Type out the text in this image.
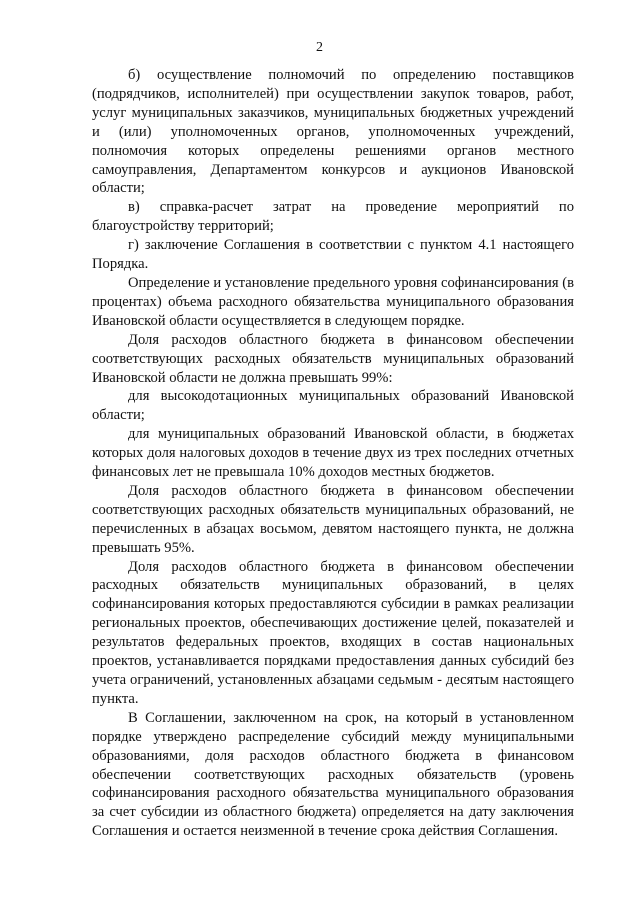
2

б) осуществление полномочий по определению поставщиков (подрядчиков, исполнителей) при осуществлении закупок товаров, работ, услуг муниципальных заказчиков, муниципальных бюджетных учреждений и (или) уполномоченных органов, уполномоченных учреждений, полномочия которых определены решениями органов местного самоуправления, Департаментом конкурсов и аукционов Ивановской области;

в) справка-расчет затрат на проведение мероприятий по благоустройству территорий;

г) заключение Соглашения в соответствии с пунктом 4.1 настоящего Порядка.

Определение и установление предельного уровня софинансирования (в процентах) объема расходного обязательства муниципального образования Ивановской области осуществляется в следующем порядке.

Доля расходов областного бюджета в финансовом обеспечении соответствующих расходных обязательств муниципальных образований Ивановской области не должна превышать 99%:

для высокодотационных муниципальных образований Ивановской области;

для муниципальных образований Ивановской области, в бюджетах которых доля налоговых доходов в течение двух из трех последних отчетных финансовых лет не превышала 10% доходов местных бюджетов.

Доля расходов областного бюджета в финансовом обеспечении соответствующих расходных обязательств муниципальных образований, не перечисленных в абзацах восьмом, девятом настоящего пункта, не должна превышать 95%.

Доля расходов областного бюджета в финансовом обеспечении расходных обязательств муниципальных образований, в целях софинансирования которых предоставляются субсидии в рамках реализации региональных проектов, обеспечивающих достижение целей, показателей и результатов федеральных проектов, входящих в состав национальных проектов, устанавливается порядками предоставления данных субсидий без учета ограничений, установленных абзацами седьмым - десятым настоящего пункта.

В Соглашении, заключенном на срок, на который в установленном порядке утверждено распределение субсидий между муниципальными образованиями, доля расходов областного бюджета в финансовом обеспечении соответствующих расходных обязательств (уровень софинансирования расходного обязательства муниципального образования за счет субсидии из областного бюджета) определяется на дату заключения Соглашения и остается неизменной в течение срока действия Соглашения.
